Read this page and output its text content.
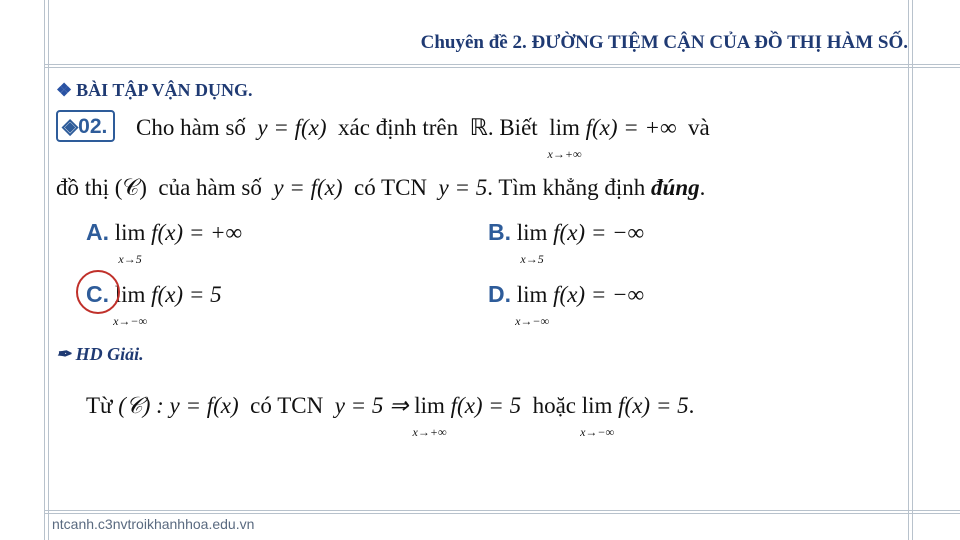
Chuyên đề 2. ĐƯỜNG TIỆM CẬN CỦA ĐỒ THỊ HÀM SỐ.
❖ BÀI TẬP VẬN DỤNG.
◈02.	Cho hàm số y = f(x) xác định trên ℝ. Biết lim
x→+∞
f(x) = +∞ và
đồ thị (𝒞) của hàm số y = f(x) có TCN y = 5. Tìm khẳng định đúng.
A. lim
x→5
f(x) = +∞	B. lim
x→5
f(x) = −∞
C. lim
x→−∞
f(x) = 5	D. lim
x→−∞
f(x) = −∞
✒ HD Giải.
Từ (𝒞) : y = f(x) có TCN y = 5 ⇒ lim
x→+∞
f(x) = 5 hoặc lim
x→−∞
f(x) = 5.
ntcanh.c3nvtroikhanhhoa.edu.vn
